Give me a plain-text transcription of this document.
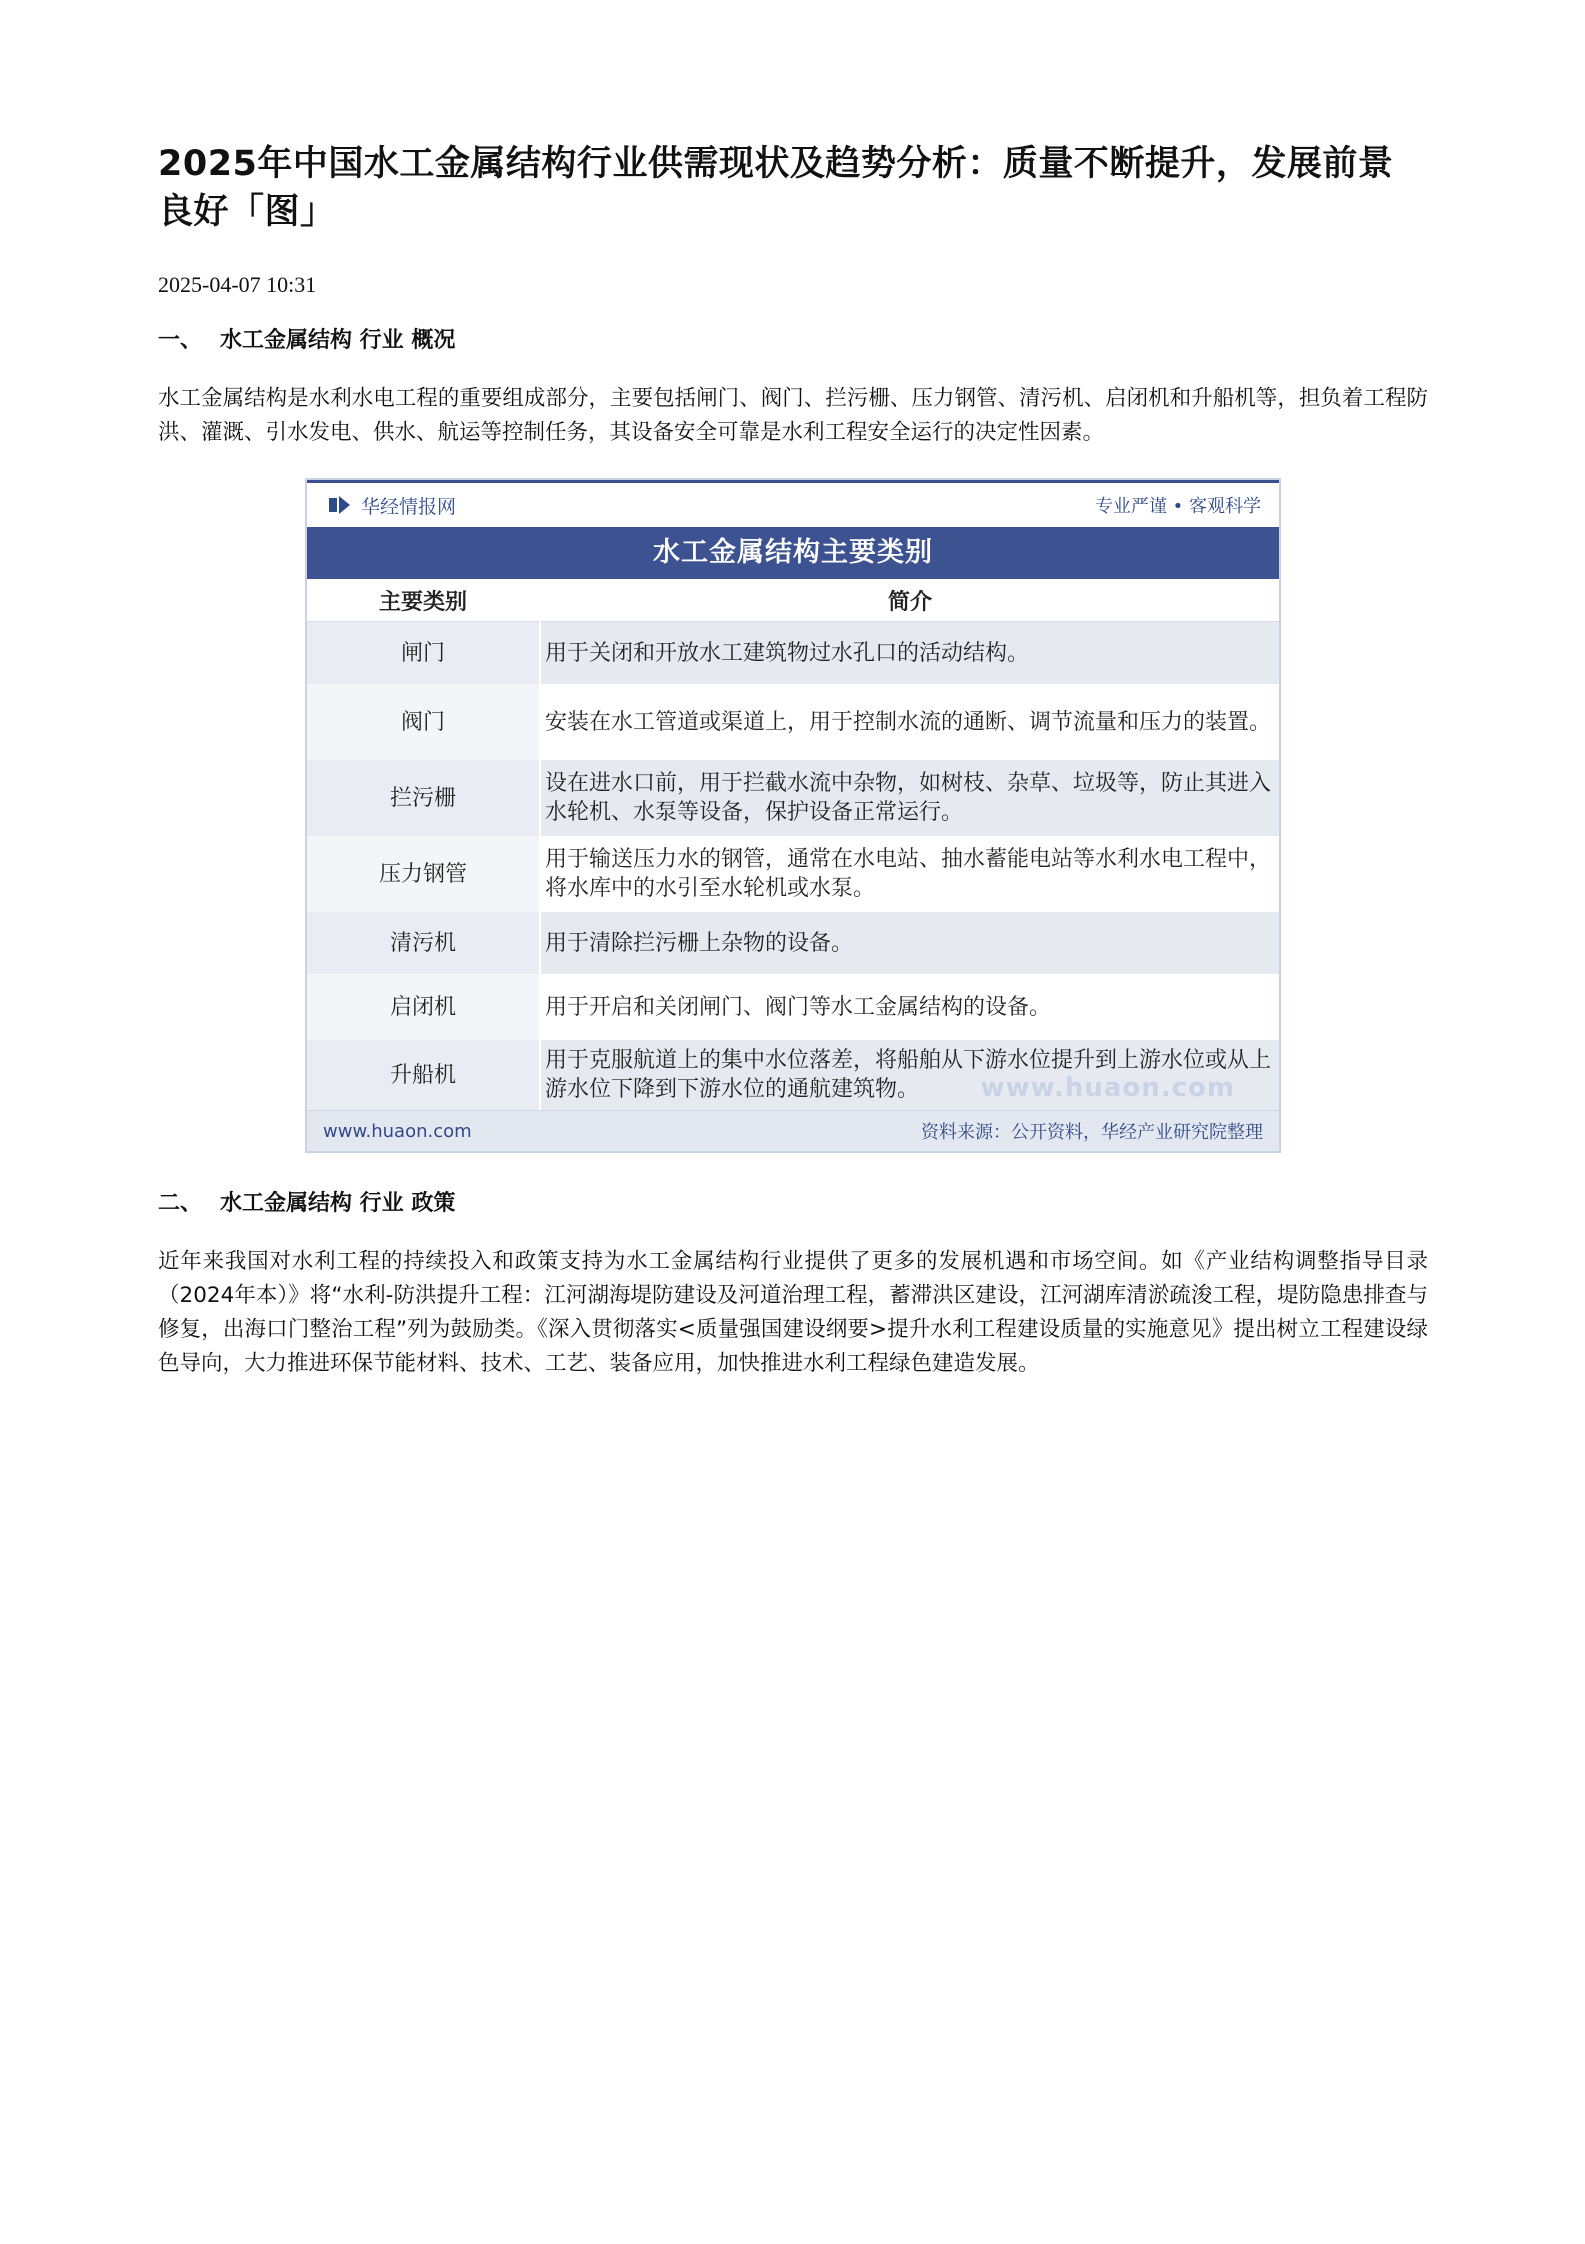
2025年中国水工金属结构行业供需现状及趋势分析：质量不断提升，发展前景良好「图」
2025-04-07 10:31
一、 水工金属结构 行业 概况
水工金属结构是水利水电工程的重要组成部分，主要包括闸门、阀门、拦污栅、压力钢管、清污机、启闭机和升船机等，担负着工程防洪、灌溉、引水发电、供水、航运等控制任务，其设备安全可靠是水利工程安全运行的决定性因素。
华经情报网	专业严谨 • 客观科学
水工金属结构主要类别
主要类别	简介
闸门	用于关闭和开放水工建筑物过水孔口的活动结构。
阀门	安装在水工管道或渠道上，用于控制水流的通断、调节流量和压力的装置。
拦污栅	设在进水口前，用于拦截水流中杂物，如树枝、杂草、垃圾等，防止其进入水轮机、水泵等设备，保护设备正常运行。
压力钢管	用于输送压力水的钢管，通常在水电站、抽水蓄能电站等水利水电工程中，将水库中的水引至水轮机或水泵。
清污机	用于清除拦污栅上杂物的设备。
启闭机	用于开启和关闭闸门、阀门等水工金属结构的设备。
升船机	用于克服航道上的集中水位落差，将船舶从下游水位提升到上游水位或从上游水位下降到下游水位的通航建筑物。
www.huaon.com	资料来源：公开资料，华经产业研究院整理
www.huaon.com
二、 水工金属结构 行业 政策
近年来我国对水利工程的持续投入和政策支持为水工金属结构行业提供了更多的发展机遇和市场空间。如《产业结构调整指导目录（2024年本）》将“水利-防洪提升工程：江河湖海堤防建设及河道治理工程，蓄滞洪区建设，江河湖库清淤疏浚工程，堤防隐患排查与修复，出海口门整治工程”列为鼓励类。《深入贯彻落实<质量强国建设纲要>提升水利工程建设质量的实施意见》提出树立工程建设绿色导向，大力推进环保节能材料、技术、工艺、装备应用，加快推进水利工程绿色建造发展。
